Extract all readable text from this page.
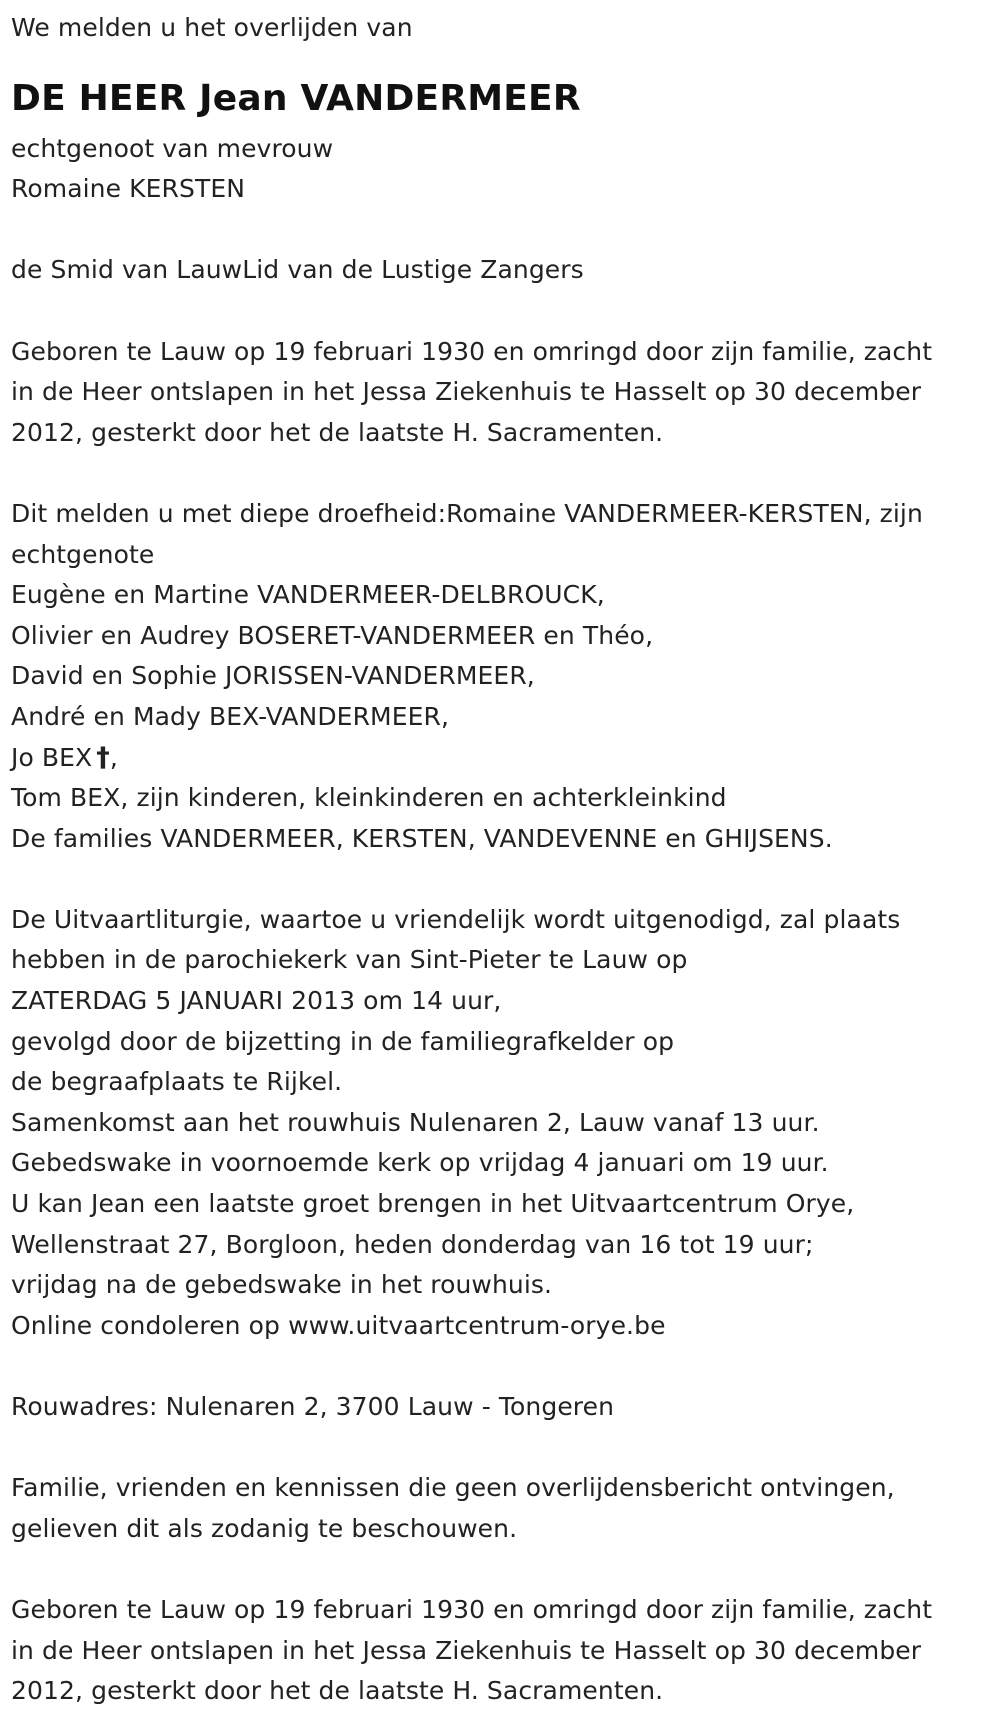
We melden u het overlijden van
DE HEER Jean VANDERMEER
echtgenoot van mevrouw
Romaine KERSTEN
de Smid van LauwLid van de Lustige Zangers
Geboren te Lauw op 19 februari 1930 en omringd door zijn familie, zacht
in de Heer ontslapen in het Jessa Ziekenhuis te Hasselt op 30 december
2012, gesterkt door het de laatste H. Sacramenten.
Dit melden u met diepe droefheid:Romaine VANDERMEER-KERSTEN, zijn
echtgenote
Eugène en Martine VANDERMEER-DELBROUCK,
Olivier en Audrey BOSERET-VANDERMEER en Théo,
David en Sophie JORISSEN-VANDERMEER,
André en Mady BEX-VANDERMEER,
Jo BEX †,
Tom BEX, zijn kinderen, kleinkinderen en achterkleinkind
De families VANDERMEER, KERSTEN, VANDEVENNE en GHIJSENS.
De Uitvaartliturgie, waartoe u vriendelijk wordt uitgenodigd, zal plaats
hebben in de parochiekerk van Sint-Pieter te Lauw op
ZATERDAG 5 JANUARI 2013 om 14 uur,
gevolgd door de bijzetting in de familiegrafkelder op
de begraafplaats te Rijkel.
Samenkomst aan het rouwhuis Nulenaren 2, Lauw vanaf 13 uur.
Gebedswake in voornoemde kerk op vrijdag 4 januari om 19 uur.
U kan Jean een laatste groet brengen in het Uitvaartcentrum Orye,
Wellenstraat 27, Borgloon, heden donderdag van 16 tot 19 uur;
vrijdag na de gebedswake in het rouwhuis.
Online condoleren op www.uitvaartcentrum-orye.be
Rouwadres: Nulenaren 2, 3700 Lauw - Tongeren
Familie, vrienden en kennissen die geen overlijdensbericht ontvingen,
gelieven dit als zodanig te beschouwen.
Geboren te Lauw op 19 februari 1930 en omringd door zijn familie, zacht
in de Heer ontslapen in het Jessa Ziekenhuis te Hasselt op 30 december
2012, gesterkt door het de laatste H. Sacramenten.
